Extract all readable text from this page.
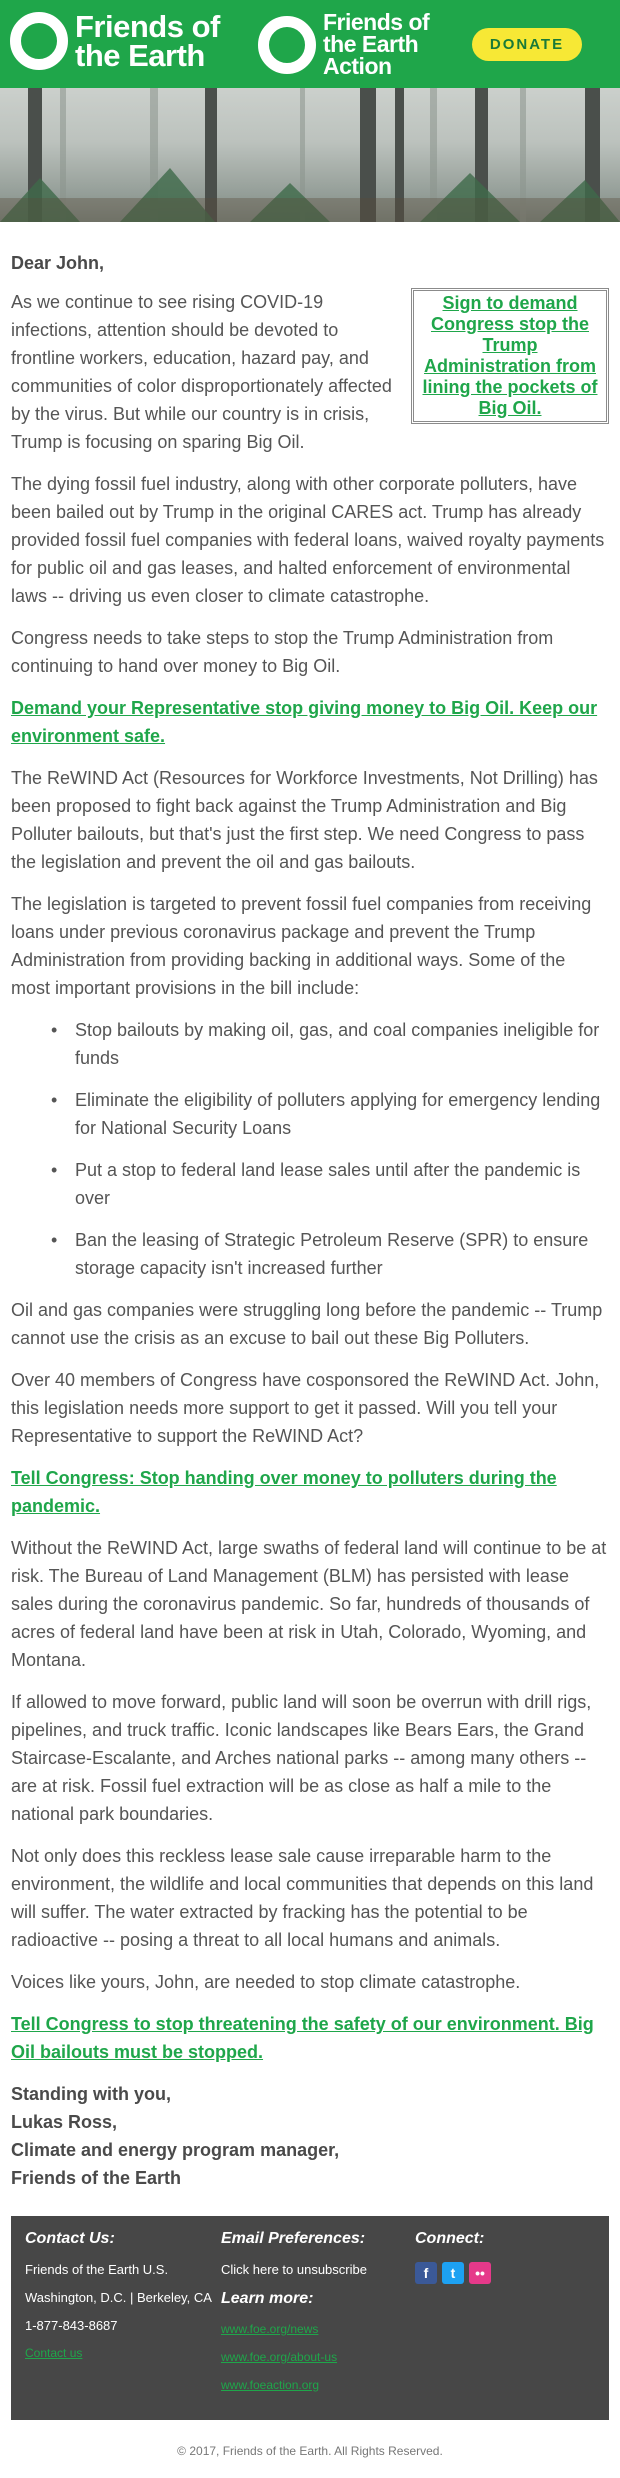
Friends of
the Earth
Friends of
the Earth
Action
DONATE
Dear John,

Sign to demand Congress stop the Trump Administration from lining the pockets of Big Oil.
As we continue to see rising COVID-19 infections, attention should be devoted to frontline workers, education, hazard pay, and communities of color disproportionately affected by the virus. But while our country is in crisis, Trump is focusing on sparing Big Oil.

The dying fossil fuel industry, along with other corporate polluters, have been bailed out by Trump in the original CARES act. Trump has already provided fossil fuel companies with federal loans, waived royalty payments for public oil and gas leases, and halted enforcement of environmental laws -- driving us even closer to climate catastrophe.

Congress needs to take steps to stop the Trump Administration from continuing to hand over money to Big Oil.

Demand your Representative stop giving money to Big Oil. Keep our environment safe.

The ReWIND Act (Resources for Workforce Investments, Not Drilling) has been proposed to fight back against the Trump Administration and Big Polluter bailouts, but that's just the first step. We need Congress to pass the legislation and prevent the oil and gas bailouts.

The legislation is targeted to prevent fossil fuel companies from receiving loans under previous coronavirus package and prevent the Trump Administration from providing backing in additional ways. Some of the most important provisions in the bill include:

• Stop bailouts by making oil, gas, and coal companies ineligible for funds
• Eliminate the eligibility of polluters applying for emergency lending for National Security Loans
• Put a stop to federal land lease sales until after the pandemic is over
• Ban the leasing of Strategic Petroleum Reserve (SPR) to ensure storage capacity isn't increased further

Oil and gas companies were struggling long before the pandemic -- Trump cannot use the crisis as an excuse to bail out these Big Polluters.

Over 40 members of Congress have cosponsored the ReWIND Act. John, this legislation needs more support to get it passed. Will you tell your Representative to support the ReWIND Act?

Tell Congress: Stop handing over money to polluters during the pandemic.

Without the ReWIND Act, large swaths of federal land will continue to be at risk. The Bureau of Land Management (BLM) has persisted with lease sales during the coronavirus pandemic. So far, hundreds of thousands of acres of federal land have been at risk in Utah, Colorado, Wyoming, and Montana.

If allowed to move forward, public land will soon be overrun with drill rigs, pipelines, and truck traffic. Iconic landscapes like Bears Ears, the Grand Staircase-Escalante, and Arches national parks -- among many others -- are at risk. Fossil fuel extraction will be as close as half a mile to the national park boundaries.

Not only does this reckless lease sale cause irreparable harm to the environment, the wildlife and local communities that depends on this land will suffer. The water extracted by fracking has the potential to be radioactive -- posing a threat to all local humans and animals.

Voices like yours, John, are needed to stop climate catastrophe.

Tell Congress to stop threatening the safety of our environment. Big Oil bailouts must be stopped.
Standing with you,
Lukas Ross,
Climate and energy program manager,
Friends of the Earth
Contact Us:
Friends of the Earth U.S.
Washington, D.C. | Berkeley, CA
1-877-843-8687
Contact us
Email Preferences:
Click here to unsubscribe
Learn more:
www.foe.org/news
www.foe.org/about-us
www.foeaction.org
Connect:
f	t	••
© 2017, Friends of the Earth. All Rights Reserved.
